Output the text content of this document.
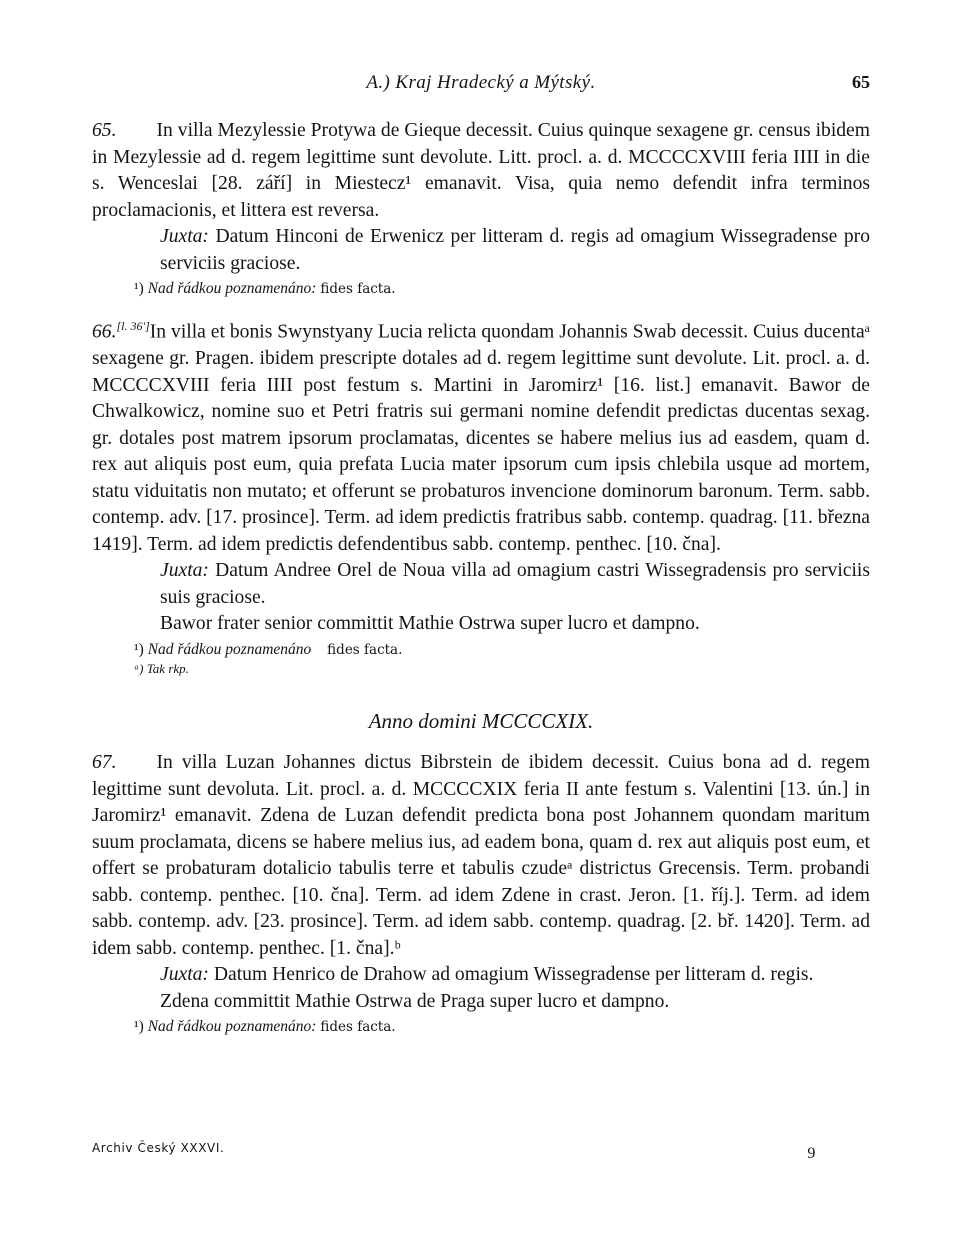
A.) Kraj Hradecký a Mýtský.	65

65. In villa Mezylessie Protywa de Gieque decessit. Cuius quinque sexagene gr. census ibidem in Mezylessie ad d. regem legittime sunt devolute. Litt. procl. a. d. MCCCCXVIII feria IIII in die s. Wenceslai [28. září] in Miestecz¹ emanavit. Visa, quia nemo defendit infra terminos proclamacionis, et littera est reversa.

Juxta: Datum Hinconi de Erwenicz per litteram d. regis ad omagium Wissegradense pro serviciis graciose.

¹) Nad řádkou poznamenáno: fides facta.

66.[l. 36']In villa et bonis Swynstyany Lucia relicta quondam Johannis Swab decessit. Cuius ducentaᵃ sexagene gr. Pragen. ibidem prescripte dotales ad d. regem legittime sunt devolute. Lit. procl. a. d. MCCCCXVIII feria IIII post festum s. Martini in Jaromirz¹ [16. list.] emanavit. Bawor de Chwalkowicz, nomine suo et Petri fratris sui germani nomine defendit predictas ducentas sexag. gr. dotales post matrem ipsorum proclamatas, dicentes se habere melius ius ad easdem, quam d. rex aut aliquis post eum, quia prefata Lucia mater ipsorum cum ipsis chlebila usque ad mortem, statu viduitatis non mutato; et offerunt se probaturos invencione dominorum baronum. Term. sabb. contemp. adv. [17. prosince]. Term. ad idem predictis fratribus sabb. contemp. quadrag. [11. března 1419]. Term. ad idem predictis defendentibus sabb. contemp. penthec. [10. čna].

Juxta: Datum Andree Orel de Noua villa ad omagium castri Wissegradensis pro serviciis suis graciose.

Bawor frater senior committit Mathie Ostrwa super lucro et dampno.

¹) Nad řádkou poznamenáno fides facta.
ᵃ) Tak rkp.
Anno domini MCCCCXIX.

67. In villa Luzan Johannes dictus Bibrstein de ibidem decessit. Cuius bona ad d. regem legittime sunt devoluta. Lit. procl. a. d. MCCCCXIX feria II ante festum s. Valentini [13. ún.] in Jaromirz¹ emanavit. Zdena de Luzan defendit predicta bona post Johannem quondam maritum suum proclamata, dicens se habere melius ius, ad eadem bona, quam d. rex aut aliquis post eum, et offert se probaturam dotalicio tabulis terre et tabulis czudeᵃ districtus Grecensis. Term. probandi sabb. contemp. penthec. [10. čna]. Term. ad idem Zdene in crast. Jeron. [1. říj.]. Term. ad idem sabb. contemp. adv. [23. prosince]. Term. ad idem sabb. contemp. quadrag. [2. bř. 1420]. Term. ad idem sabb. contemp. penthec. [1. čna].ᵇ

Juxta: Datum Henrico de Drahow ad omagium Wissegradense per litteram d. regis.

Zdena committit Mathie Ostrwa de Praga super lucro et dampno.

¹) Nad řádkou poznamenáno: fides facta.
Archiv Český XXXVI.	9
